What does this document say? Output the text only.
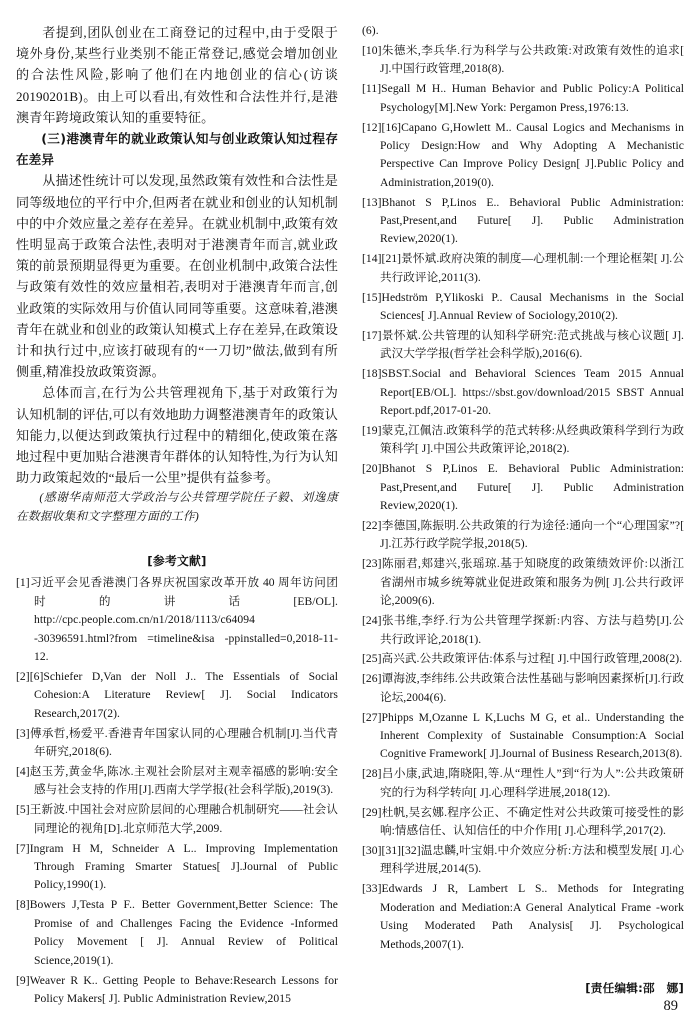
者提到,团队创业在工商登记的过程中,由于受限于境外身份,某些行业类别不能正常登记,感觉会增加创业的合法性风险,影响了他们在内地创业的信心(访谈 20190201B)。由上可以看出,有效性和合法性并行,是港澳青年跨境政策认知的重要特征。

(三)港澳青年的就业政策认知与创业政策认知过程存在差异

从描述性统计可以发现,虽然政策有效性和合法性是同等级地位的平行中介,但两者在就业和创业的认知机制中的中介效应量之差存在差异。在就业机制中,政策有效性明显高于政策合法性,表明对于港澳青年而言,就业政策的前景预期显得更为重要。在创业机制中,政策合法性与政策有效性的效应量相若,表明对于港澳青年而言,创业政策的实际效用与价值认同同等重要。这意味着,港澳青年在就业和创业的政策认知模式上存在差异,在政策设计和执行过中,应该打破现有的“一刀切”做法,做到有所侧重,精准投放政策资源。

总体而言,在行为公共管理视角下,基于对政策行为认知机制的评估,可以有效地助力调整港澳青年的政策认知能力,以便达到政策执行过程中的精细化,使政策在落地过程中更加贴合港澳青年群体的认知特性,为行为认知助力政策起效的“最后一公里”提供有益参考。

(感谢华南师范大学政治与公共管理学院任子毅、刘逸康在数据收集和文字整理方面的工作)

[参考文献]
[1]习近平会见香港澳门各界庆祝国家改革开放 40 周年访问团时的讲话[EB/OL]. http://cpc.people.com.cn/n1/2018/1113/c64094 -30396591.html?from =timeline&isa -ppinstalled=0,2018-11-12.
[2][6]Schiefer D,Van der Noll J.. The Essentials of Social Cohesion:A Literature Review[ J]. Social Indicators Research,2017(2).
[3]傅承哲,杨爱平.香港青年国家认同的心理融合机制[J].当代青年研究,2018(6).
[4]赵玉芳,黄金华,陈冰.主观社会阶层对主观幸福感的影响:安全感与社会支持的作用[J].西南大学学报(社会科学版),2019(3).
[5]王新波.中国社会对应阶层间的心理融合机制研究——社会认同理论的视角[D].北京师范大学,2009.
[7]Ingram H M, Schneider A L.. Improving Implementation Through Framing Smarter Statues[ J].Journal of Public Policy,1990(1).
[8]Bowers J,Testa P F.. Better Government,Better Science: The Promise of and Challenges Facing the Evidence -Informed Policy Movement [ J]. Annual Review of Political Science,2019(1).
[9]Weaver R K.. Getting People to Behave:Research Lessons for Policy Makers[ J]. Public Administration Review,2015
(6).
[10]朱德米,李兵华.行为科学与公共政策:对政策有效性的追求[ J].中国行政管理,2018(8).
[11]Segall M H.. Human Behavior and Public Policy:A Political Psychology[M].New York: Pergamon Press,1976:13.
[12][16]Capano G,Howlett M.. Causal Logics and Mechanisms in Policy Design:How and Why Adopting A Mechanistic Perspective Can Improve Policy Design[ J].Public Policy and Administration,2019(0).
[13]Bhanot S P,Linos E.. Behavioral Public Administration: Past,Present,and Future[ J]. Public Administration Review,2020(1).
[14][21]景怀斌.政府决策的制度—心理机制:一个理论框架[ J].公共行政评论,2011(3).
[15]Hedström P,Ylikoski P.. Causal Mechanisms in the Social Sciences[ J].Annual Review of Sociology,2010(2).
[17]景怀斌.公共管理的认知科学研究:范式挑战与核心议题[ J].武汉大学学报(哲学社会科学版),2016(6).
[18]SBST.Social and Behavioral Sciences Team 2015 Annual Report[EB/OL]. https://sbst.gov/download/2015 SBST Annual Report.pdf,2017-01-20.
[19]蒙克,江佩洁.政策科学的范式转移:从经典政策科学到行为政策科学[ J].中国公共政策评论,2018(2).
[20]Bhanot S P,Linos E. Behavioral Public Administration: Past,Present,and Future[ J]. Public Administration Review,2020(1).
[22]李德国,陈振明.公共政策的行为途径:通向一个“心理国家”?[ J].江苏行政学院学报,2018(5).
[23]陈丽君,郏建兴,张瑶琼.基于知晓度的政策绩效评价:以浙江省湖州市城乡统筹就业促进政策和服务为例[ J].公共行政评论,2009(6).
[24]张书维,李纾.行为公共管理学探新:内容、方法与趋势[J].公共行政评论,2018(1).
[25]高兴武.公共政策评估:体系与过程[ J].中国行政管理,2008(2).
[26]谭海波,李纬纬.公共政策合法性基础与影响因素探析[J].行政论坛,2004(6).
[27]Phipps M,Ozanne L K,Luchs M G, et al.. Understanding the Inherent Complexity of Sustainable Consumption:A Social Cognitive Framework[ J].Journal of Business Research,2013(8).
[28]吕小康,武迪,隋晓阳,等.从“理性人”到“行为人”:公共政策研究的行为科学转向[ J].心理科学进展,2018(12).
[29]杜帆,吴玄娜.程序公正、不确定性对公共政策可接受性的影响:情感信任、认知信任的中介作用[ J].心理科学,2017(2).
[30][31][32]温忠麟,叶宝娟.中介效应分析:方法和模型发展[ J].心理科学进展,2014(5).
[33]Edwards J R, Lambert L S.. Methods for Integrating Moderation and Mediation:A General Analytical Frame -work Using Moderated Path Analysis[ J]. Psychological Methods,2007(1).
[责任编辑:邵　娜]
89
